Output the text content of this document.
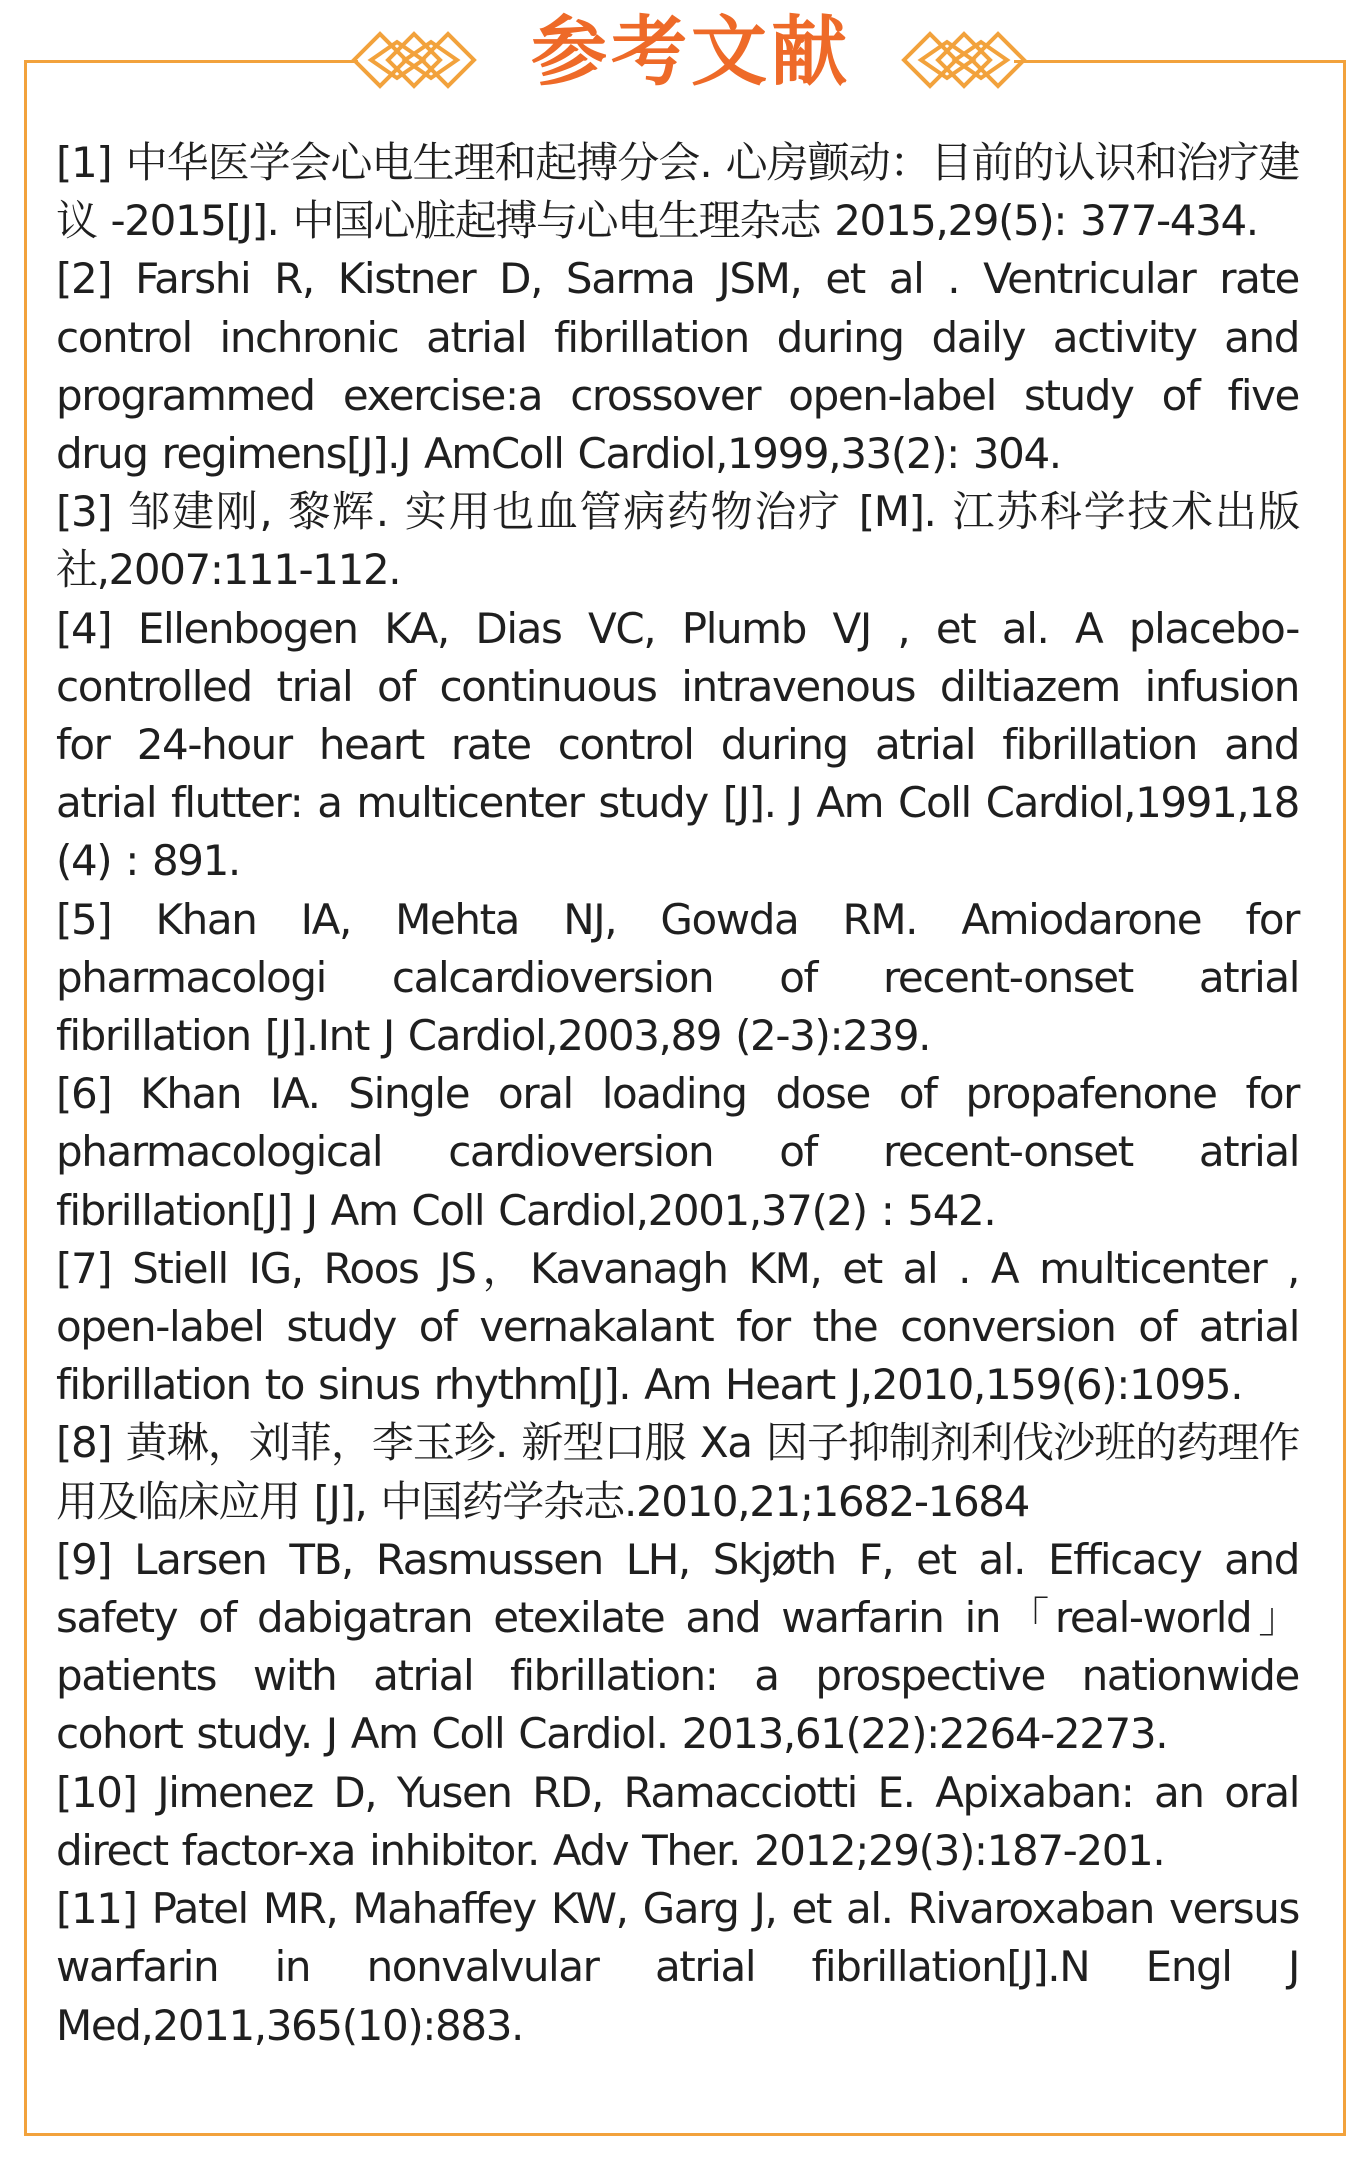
参考文献
[1] 中华医学会心电生理和起搏分会. 心房颤动：目前的认识和治疗建议 -2015[J]. 中国心脏起搏与心电生理杂志 2015,29(5): 377-434.
[2] Farshi R, Kistner D, Sarma JSM, et al . Ventricular rate control inchronic atrial fibrillation during daily activity and programmed exercise:a crossover open-label study of five drug regimens[J].J AmColl Cardiol,1999,33(2): 304.
[3] 邹建刚, 黎辉. 实用也血管病药物治疗 [M]. 江苏科学技术出版社,2007:111-112.
[4] Ellenbogen KA, Dias VC, Plumb VJ , et al. A placebo-controlled trial of continuous intravenous diltiazem infusion for 24-hour heart rate control during atrial fibrillation and atrial flutter: a multicenter study [J]. J Am Coll Cardiol,1991,18 (4) : 891.
[5] Khan IA, Mehta NJ, Gowda RM. Amiodarone for pharmacologi calcardioversion of recent-onset atrial fibrillation [J].Int J Cardiol,2003,89 (2-3):239.
[6] Khan IA. Single oral loading dose of propafenone for pharmacological cardioversion of recent-onset atrial fibrillation[J] J Am Coll Cardiol,2001,37(2) : 542.
[7] Stiell IG, Roos JS，Kavanagh KM, et al . A multicenter , open-label study of vernakalant for the conversion of atrial fibrillation to sinus rhythm[J]. Am Heart J,2010,159(6):1095.
[8] 黄琳，刘菲，李玉珍. 新型口服 Xa 因子抑制剂利伐沙班的药理作用及临床应用 [J], 中国药学杂志.2010,21;1682-1684
[9] Larsen TB, Rasmussen LH, Skjøth F, et al. Efficacy and safety of dabigatran etexilate and warfarin in「real-world」patients with atrial fibrillation: a prospective nationwide cohort study. J Am Coll Cardiol. 2013,61(22):2264-2273.
[10] Jimenez D, Yusen RD, Ramacciotti E. Apixaban: an oral direct factor-xa inhibitor. Adv Ther. 2012;29(3):187-201.
[11] Patel MR, Mahaffey KW, Garg J, et al. Rivaroxaban versus warfarin in nonvalvular atrial fibrillation[J].N Engl J Med,2011,365(10):883.
